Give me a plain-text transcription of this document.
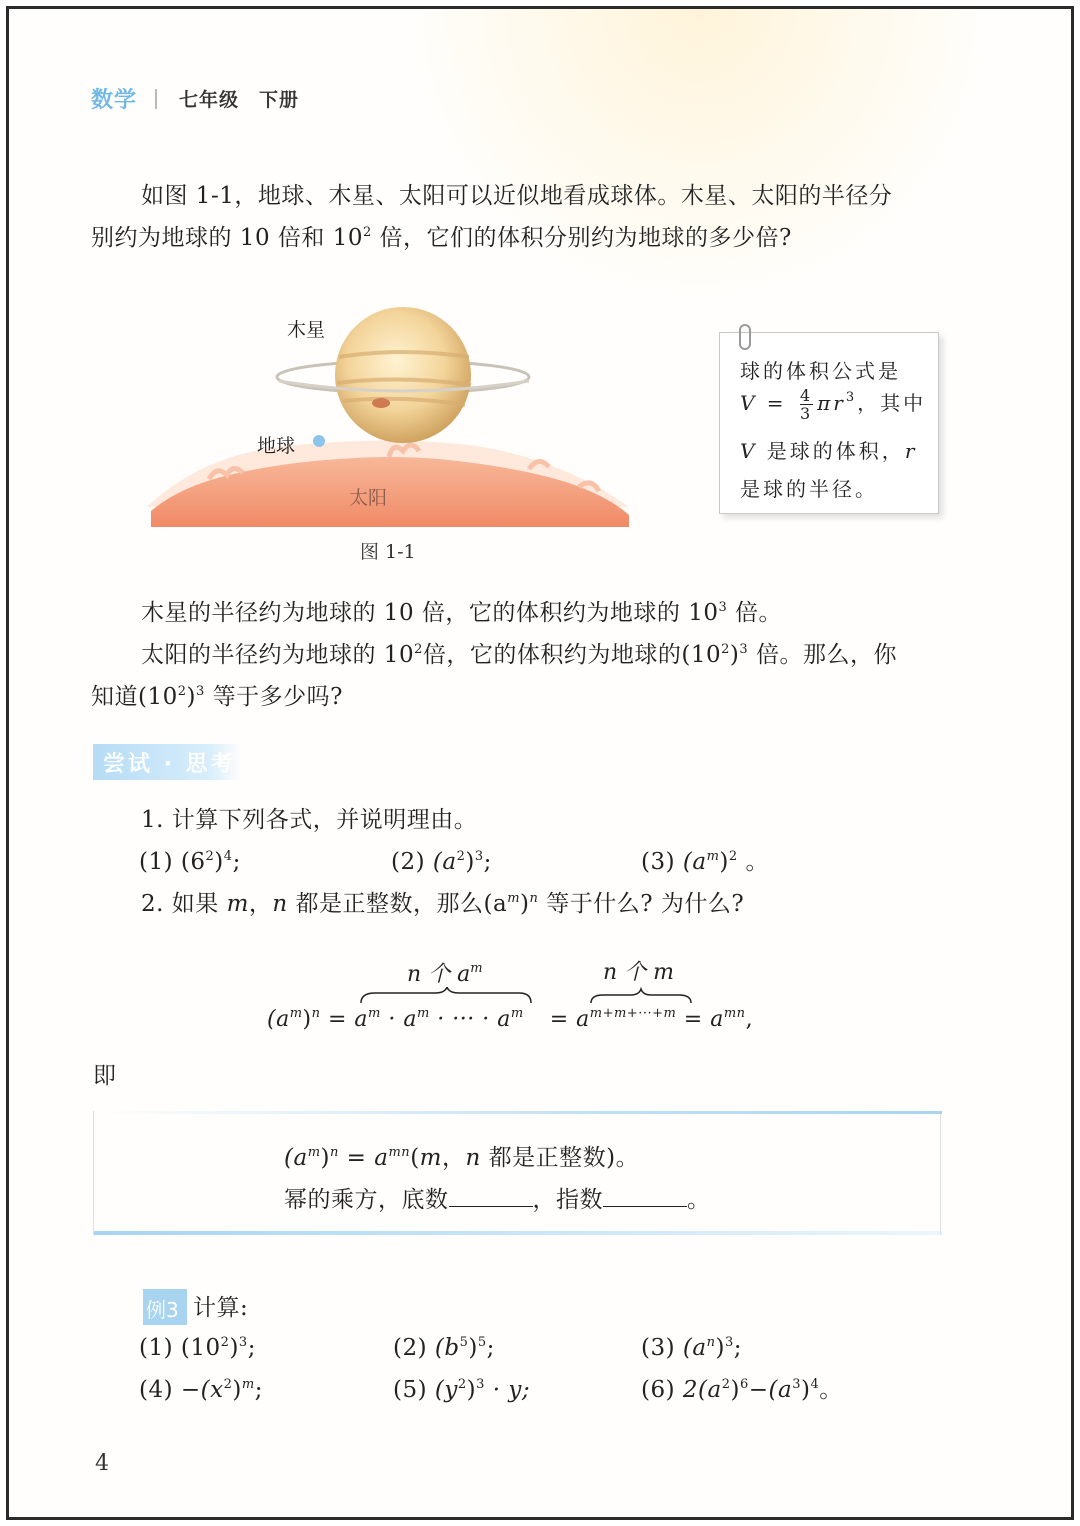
数学 七年级　下册
如图 1-1，地球、木星、太阳可以近似地看成球体。木星、太阳的半径分
别约为地球的 10 倍和 $10^2$ 倍，它们的体积分别约为地球的多少倍?
木星
地球
太阳
图 1-1
球的体积公式是
$V = \frac{4}{3} \pi r^3$，其中
V 是球的体积，r
是球的半径。
木星的半径约为地球的 10 倍，它的体积约为地球的 $10^3$ 倍。
太阳的半径约为地球的 $10^2$倍，它的体积约为地球的$(10^2)^3$ 倍。那么，你
知道$(10^2)^3$ 等于多少吗?
尝试 · 思考
1. 计算下列各式，并说明理由。
(1) $(6^2)^4$;	(2) $(a^2)^3$;	(3) $(a^m)^2$ 。
2. 如果 m，n 都是正整数，那么$(a^m)^n$ 等于什么? 为什么?
n 个 $a^m$	n 个 m
$(a^m)^n = a^m \cdot a^m$ · ··· · $a^m = a^{m+m+\cdot\cdot\cdot+m} = a^{mn}$,
即
$(a^m)^n = a^{mn}(m$，n 都是正整数)。
幂的乘方，底数	，指数	。
例3 计算:
(1) $(10^2)^3$;	(2) $(b^5)^5$;	(3) $(a^n)^3$;
$(4) -(x^2)^m$;	(5) $(y^2)^3 \cdot y$;	(6) $2(a^2)^6-(a^3)^4$。
4
